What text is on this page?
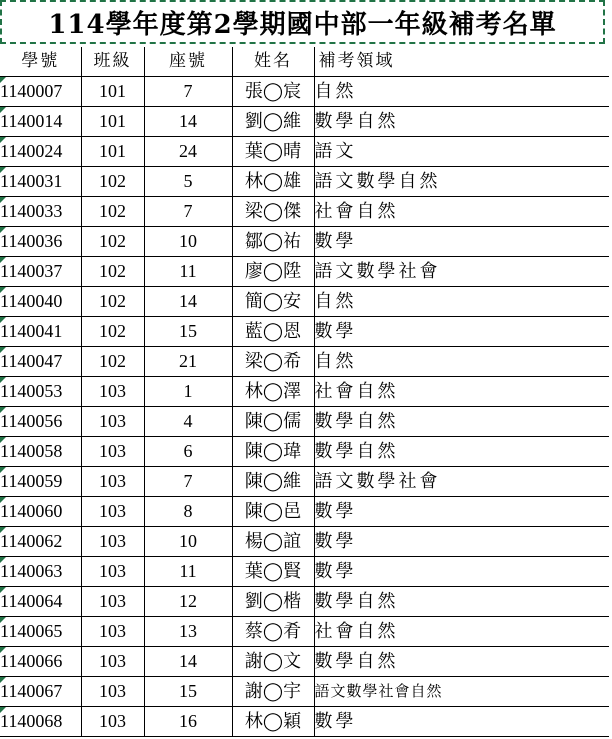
114學年度第2學期國中部一年級補考名單
學號	班級	座號	姓名	補考領域

1140007	101	7	張◯宸	自然

1140014	101	14	劉◯維	數學自然

1140024	101	24	葉◯晴	語文

1140031	102	5	林◯雄	語文數學自然

1140033	102	7	梁◯傑	社會自然

1140036	102	10	鄒◯祐	數學

1140037	102	11	廖◯陞	語文數學社會

1140040	102	14	簡◯安	自然

1140041	102	15	藍◯恩	數學

1140047	102	21	梁◯希	自然

1140053	103	1	林◯澤	社會自然

1140056	103	4	陳◯儒	數學自然

1140058	103	6	陳◯瑋	數學自然

1140059	103	7	陳◯維	語文數學社會

1140060	103	8	陳◯邑	數學

1140062	103	10	楊◯誼	數學

1140063	103	11	葉◯賢	數學

1140064	103	12	劉◯楷	數學自然

1140065	103	13	蔡◯肴	社會自然

1140066	103	14	謝◯文	數學自然

1140067	103	15	謝◯宇	語文數學社會自然

1140068	103	16	林◯穎	數學
